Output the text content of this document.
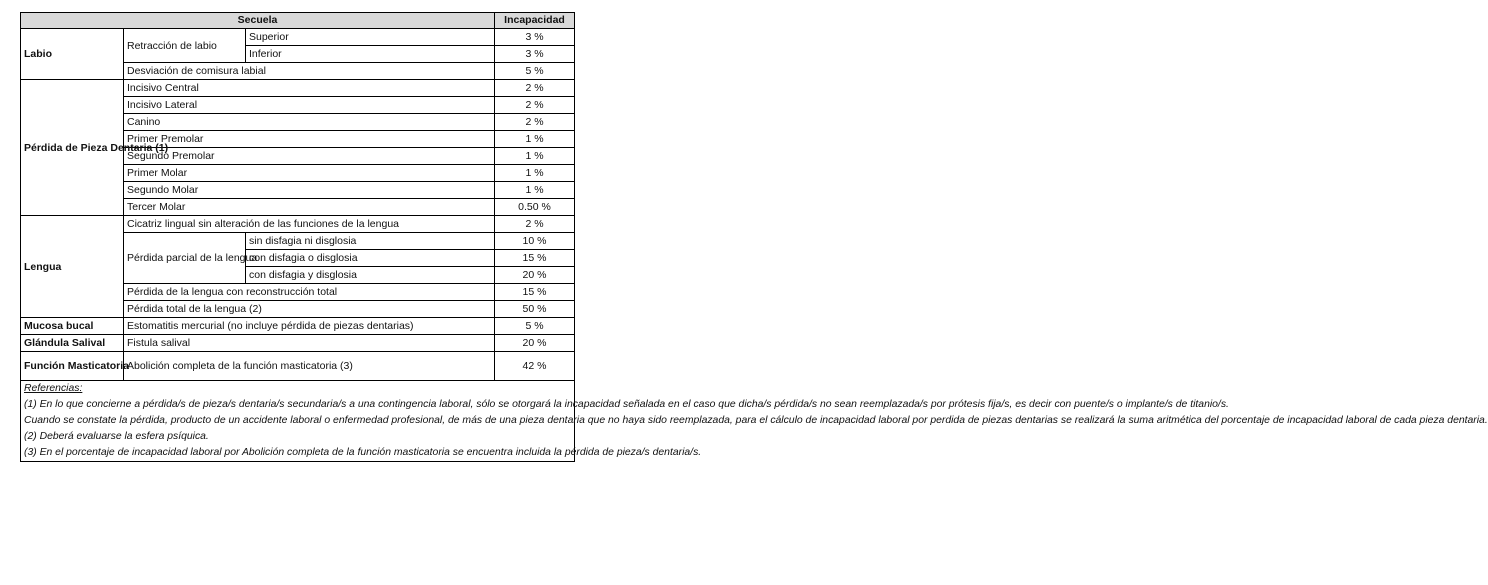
Secuela			Incapacidad
Labio	Retracción de labio	Superior	3 %
		Inferior	3 %
	Desviación de comisura labial		5 %
Pérdida de Pieza Dentaria (1)	Incisivo Central		2 %
	Incisivo Lateral		2 %
	Canino		2 %
	Primer Premolar		1 %
	Segundo Premolar		1 %
	Primer Molar		1 %
	Segundo Molar		1 %
	Tercer Molar		0.50 %
Lengua	Cicatriz lingual sin alteración de las funciones de la lengua		2 %
	Pérdida parcial de la lengua	sin disfagia ni disglosia	10 %
		con disfagia o disglosia	15 %
		con disfagia y disglosia	20 %
	Pérdida de la lengua con reconstrucción total		15 %
	Pérdida total de la lengua (2)		50 %
Mucosa bucal	Estomatitis mercurial (no incluye pérdida de piezas dentarias)		5 %
Glándula Salival	Fistula salival		20 %
Función Masticatoria	Abolición completa de la función masticatoria (3)		42 %

Referencias:

(1) En lo que concierne a pérdida/s de pieza/s dentaria/s secundaria/s a una contingencia laboral, sólo se otorgará la incapacidad señalada en el caso que dicha/s pérdida/s no sean reemplazada/s por prótesis fija/s, es decir con puente/s o implante/s de titanio/s.

Cuando se constate la pérdida, producto de un accidente laboral o enfermedad profesional, de más de una pieza dentaria que no haya sido reemplazada, para el cálculo de incapacidad laboral por perdida de piezas dentarias se realizará la suma aritmética del porcentaje de incapacidad laboral de cada pieza dentaria.

(2) Deberá evaluarse la esfera psíquica.

(3) En el porcentaje de incapacidad laboral por Abolición completa de la función masticatoria se encuentra incluida la pérdida de pieza/s dentaria/s.			
